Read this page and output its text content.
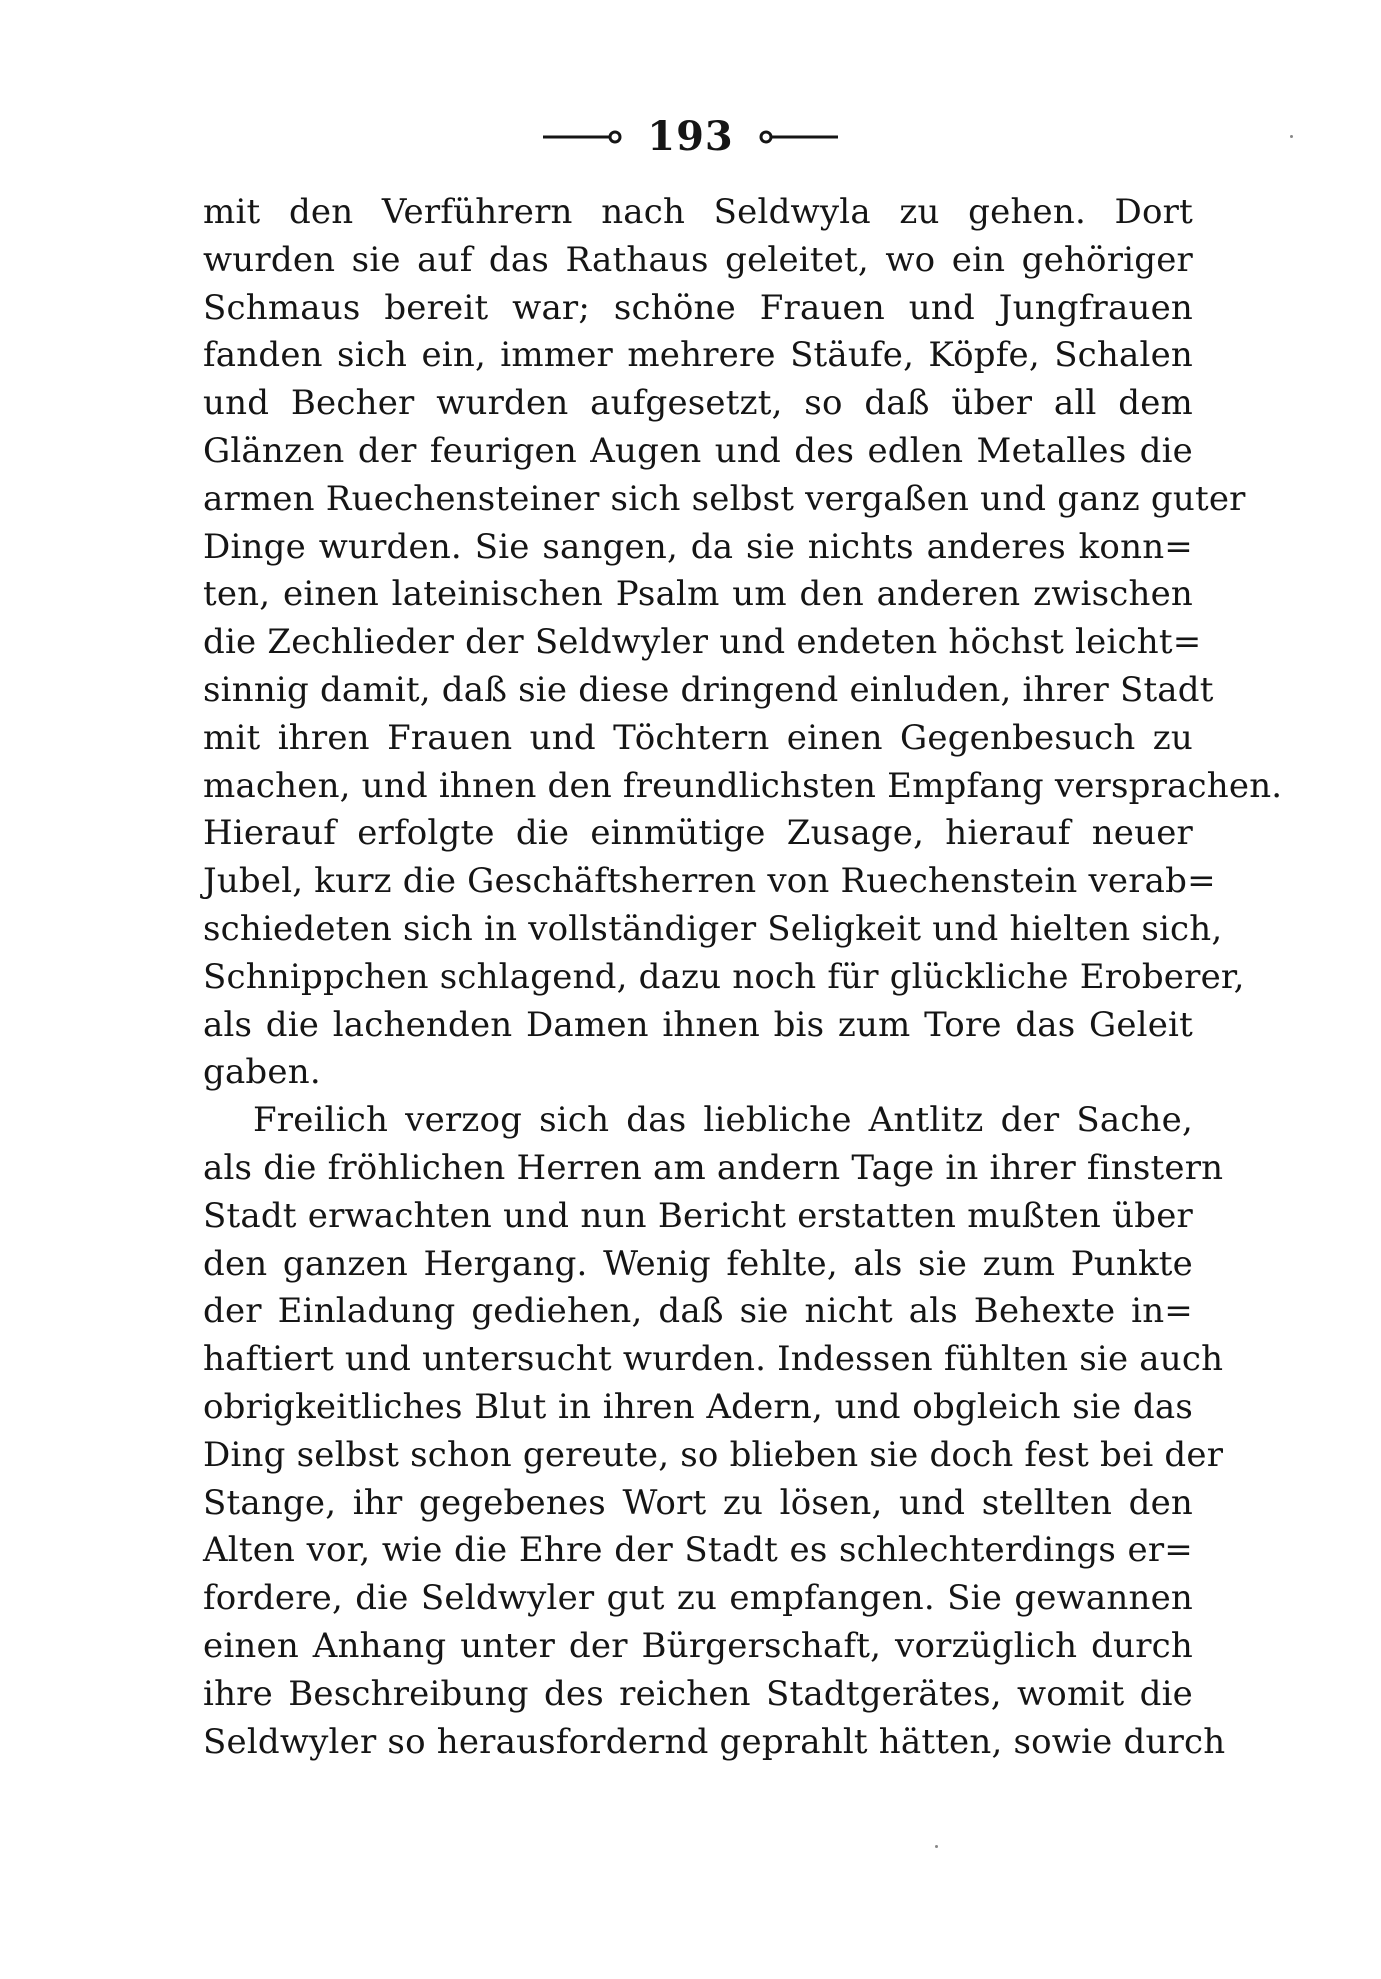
193
mit den Verführern nach Seldwyla zu gehen. Dort
wurden sie auf das Rathaus geleitet, wo ein gehöriger
Schmaus bereit war; schöne Frauen und Jungfrauen
fanden sich ein, immer mehrere Stäufe, Köpfe, Schalen
und Becher wurden aufgesetzt, so daß über all dem
Glänzen der feurigen Augen und des edlen Metalles die
armen Ruechensteiner sich selbst vergaßen und ganz guter
Dinge wurden. Sie sangen, da sie nichts anderes konn=
ten, einen lateinischen Psalm um den anderen zwischen
die Zechlieder der Seldwyler und endeten höchst leicht=
sinnig damit, daß sie diese dringend einluden, ihrer Stadt
mit ihren Frauen und Töchtern einen Gegenbesuch zu
machen, und ihnen den freundlichsten Empfang versprachen.
Hierauf erfolgte die einmütige Zusage, hierauf neuer
Jubel, kurz die Geschäftsherren von Ruechenstein verab=
schiedeten sich in vollständiger Seligkeit und hielten sich,
Schnippchen schlagend, dazu noch für glückliche Eroberer,
als die lachenden Damen ihnen bis zum Tore das Geleit
gaben.
Freilich verzog sich das liebliche Antlitz der Sache,
als die fröhlichen Herren am andern Tage in ihrer finstern
Stadt erwachten und nun Bericht erstatten mußten über
den ganzen Hergang. Wenig fehlte, als sie zum Punkte
der Einladung gediehen, daß sie nicht als Behexte in=
haftiert und untersucht wurden. Indessen fühlten sie auch
obrigkeitliches Blut in ihren Adern, und obgleich sie das
Ding selbst schon gereute, so blieben sie doch fest bei der
Stange, ihr gegebenes Wort zu lösen, und stellten den
Alten vor, wie die Ehre der Stadt es schlechterdings er=
fordere, die Seldwyler gut zu empfangen. Sie gewannen
einen Anhang unter der Bürgerschaft, vorzüglich durch
ihre Beschreibung des reichen Stadtgerätes, womit die
Seldwyler so herausfordernd geprahlt hätten, sowie durch
